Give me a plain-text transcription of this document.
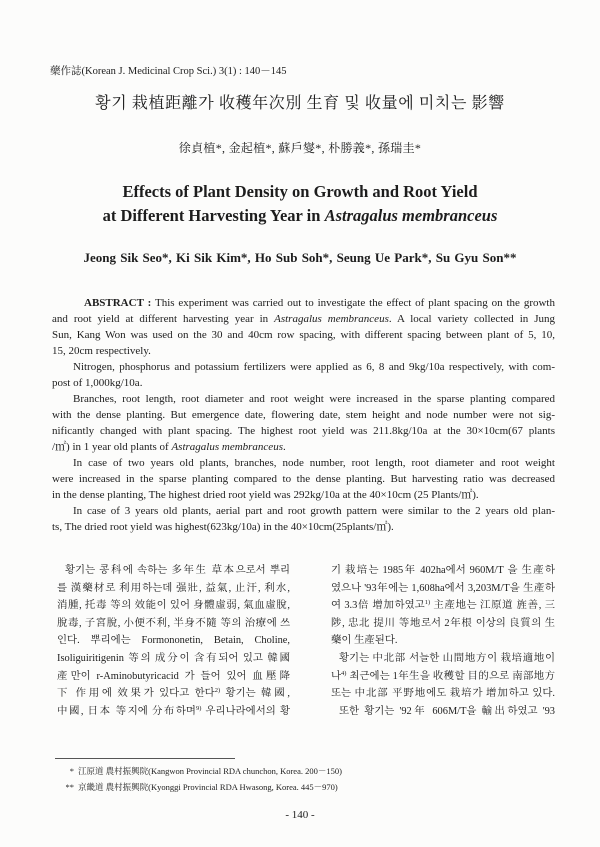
藥作誌(Korean J. Medicinal Crop Sci.) 3(1) : 140－145
황기 栽植距離가 收穫年次別 生育 및 收量에 미치는 影響
徐貞植*, 金起植*, 蘇戶燮*, 朴勝義*, 孫瑞圭*
Effects of Plant Density on Growth and Root Yield
at Different Harvesting Year in Astragalus membranceus
Jeong Sik Seo*, Ki Sik Kim*, Ho Sub Soh*, Seung Ue Park*, Su Gyu Son**
ABSTRACT : This experiment was carried out to investigate the effect of plant spacing on the growth
and root yield at different harvesting year in Astragalus membranceus. A local variety collected in Jung
Sun, Kang Won was used on the 30 and 40cm row spacing, with different spacing between plant of 5, 10,
15, 20cm respectively.
Nitrogen, phosphorus and potassium fertilizers were applied as 6, 8 and 9kg/10a respectively, with com-
post of 1,000kg/10a.
Branches, root length, root diameter and root weight were increased in the sparse planting compared
with the dense planting. But emergence date, flowering date, stem height and node number were not sig-
nificantly changed with plant spacing. The highest root yield was 211.8kg/10a at the 30×10cm(67 plants
/㎡) in 1 year old plants of Astragalus membranceus.
In case of two years old plants, branches, node number, root length, root diameter and root weight
were increased in the sparse planting compared to the dense planting. But harvesting ratio was decreased
in the dense planting, The highest dried root yield was 292kg/10a at the 40×10cm (25 Plants/㎡).
In case of 3 years old plants, aerial part and root growth pattern were similar to the 2 years old plan-
ts, The dried root yield was highest(623kg/10a) in the 40×10cm(25plants/㎡).
황기는 콩科에 속하는 多年生 草本으로서 뿌리
를 漢藥材로 利用하는데 强壯, 益氣, 止汗, 利水,
消腫, 托毒 等의 效能이 있어 身體虛弱, 氣血虛脫,
脫毒, 子宮脫, 小便不利, 半身不隨 等의 治療에 쓰
인다. 뿌리에는 Formononetin, Betain, Choline,
Isoliguiritigenin 等의 成分이 含有되어 있고 韓國
產만이 r-Aminobutyricacid 가 들어 있어 血壓降
下 作用에 效果가 있다고 한다$^{2)}$ 황기는 韓國,
中國, 日本 等지에 分布하며$^{9)}$ 우리나라에서의 황
기 栽培는 1985年 402ha에서 960M/T 을 生產하
였으나 '93年에는 1,608ha에서 3,203M/T을 生產하
여 3.3倍 增加하였고$^{1)}$ 主產地는 江原道 旌善, 三
陟, 忠北 提川 等地로서 2年根 이상의 良質의 生
藥이 生產된다.
황기는 中北部 서늘한 山間地方이 栽培適地이
나$^{4)}$ 최근에는 1年生을 收穫할 目的으로 南部地方
또는 中北部 平野地에도 栽培가 增加하고 있다.
또한 황기는 '92年 606M/T을 輸出하였고 '93
* 江原道 農村振興院(Kangwon Provincial RDA chunchon, Korea. 200－150)
** 京畿道 農村振興院(Kyonggi Provincial RDA Hwasong, Korea. 445－970)
- 140 -
